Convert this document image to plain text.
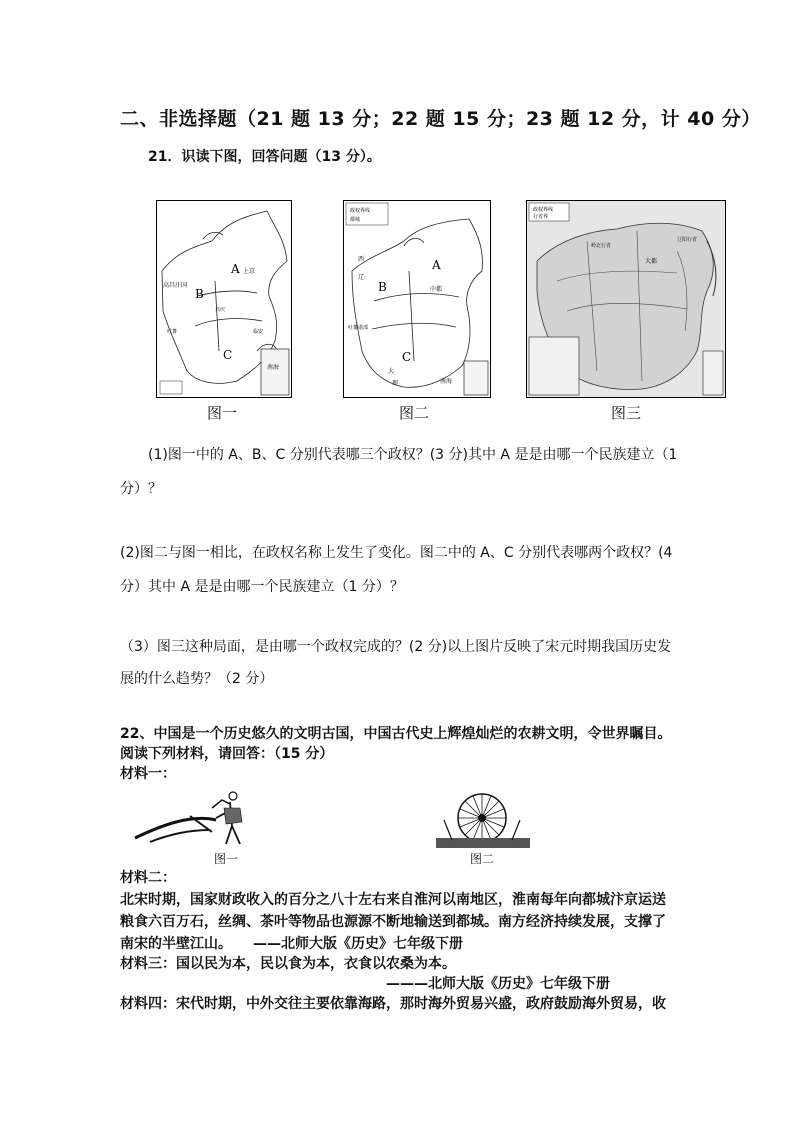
二、非选择题（21 题 13 分；22 题 15 分；23 题 12 分，计 40 分）
21．识读下图，回答问题（13 分）。
A
B
C
上京
高昌汗国
兴庆
临安
吐蕃
南海
图一
政权界线
都城
A
B
C
中都
西
辽
吐蕃诸部
大
理	南海
图二
政权界线
行省界
大都
辽阳行省
岭北行省
图三
(1)图一中的 A、B、C 分别代表哪三个政权？(3 分)其中 A 是是由哪一个民族建立（1
分）？
(2)图二与图一相比，在政权名称上发生了变化。图二中的 A、C 分别代表哪两个政权？(4
分）其中 A 是是由哪一个民族建立（1 分）？
（3）图三这种局面，是由哪一个政权完成的？(2 分)以上图片反映了宋元时期我国历史发
展的什么趋势？（2 分）
22、中国是一个历史悠久的文明古国，中国古代史上辉煌灿烂的农耕文明，令世界瞩目。
阅读下列材料，请回答：（15 分）
材料一：
图一	图二
材料二：
北宋时期，国家财政收入的百分之八十左右来自淮河以南地区，淮南每年向都城汴京运送
粮食六百万石，丝绸、茶叶等物品也源源不断地输送到都城。南方经济持续发展，支撑了
南宋的半壁江山。　　——北师大版《历史》七年级下册
材料三：国以民为本，民以食为本，衣食以农桑为本。
———北师大版《历史》七年级下册
材料四：宋代时期，中外交往主要依靠海路，那时海外贸易兴盛，政府鼓励海外贸易，收
